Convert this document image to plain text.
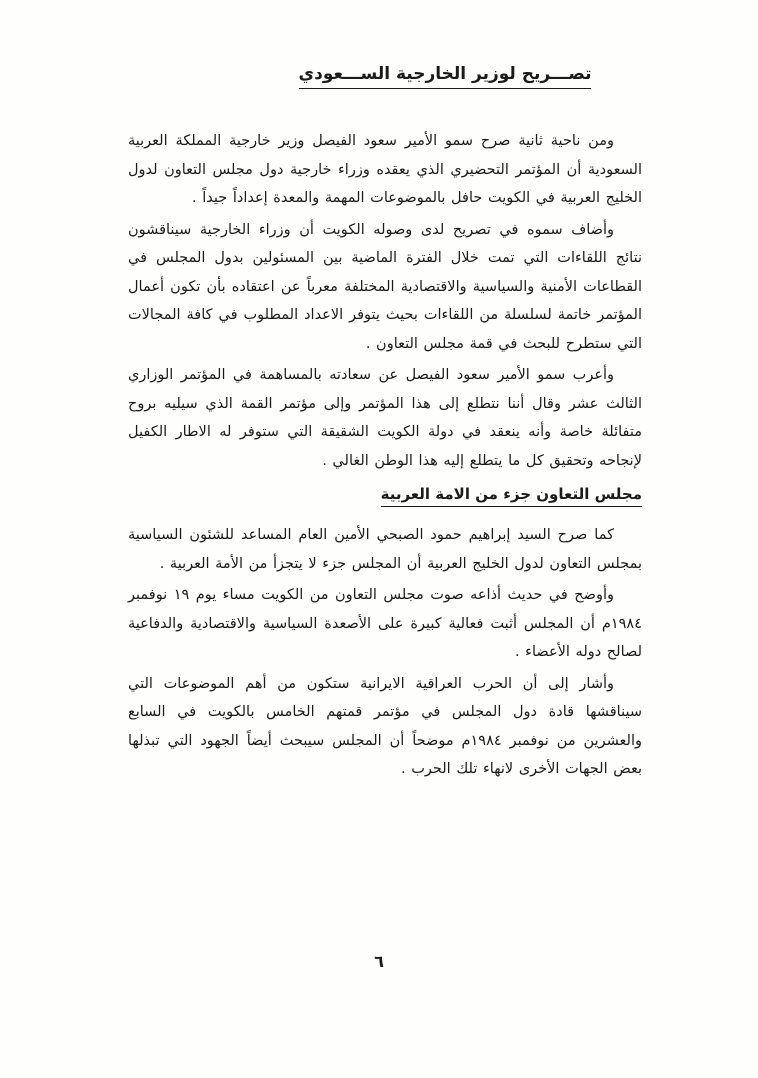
تصـــريح لوزير الخارجية الســـعودي

ومن ناحية ثانية صرح سمو الأمير سعود الفيصل وزير خارجية المملكة العربية السعودية أن المؤتمر التحضيري الذي يعقده وزراء خارجية دول مجلس التعاون لدول الخليج العربية في الكويت حافل بالموضوعات المهمة والمعدة إعداداً جيداً .

وأضاف سموه في تصريح لدى وصوله الكويت أن وزراء الخارجية سيناقشون نتائج اللقاءات التي تمت خلال الفترة الماضية بين المسئولين بدول المجلس في القطاعات الأمنية والسياسية والاقتصادية المختلفة معرباً عن اعتقاده بأن تكون أعمال المؤتمر خاتمة لسلسلة من اللقاءات بحيث يتوفر الاعداد المطلوب في كافة المجالات التي ستطرح للبحث في قمة مجلس التعاون .

وأعرب سمو الأمير سعود الفيصل عن سعادته بالمساهمة في المؤتمر الوزاري الثالث عشر وقال أننا نتطلع إلى هذا المؤتمر وإلى مؤتمر القمة الذي سيليه بروح متفائلة خاصة وأنه ينعقد في دولة الكويت الشقيقة التي ستوفر له الاطار الكفيل لإنجاحه وتحقيق كل ما يتطلع إليه هذا الوطن الغالي .

مجلس التعاون جزء من الامة العربية

كما صرح السيد إبراهيم حمود الصبحي الأمين العام المساعد للشئون السياسية بمجلس التعاون لدول الخليج العربية أن المجلس جزء لا يتجزأ من الأمة العربية .

وأوضح في حديث أذاعه صوت مجلس التعاون من الكويت مساء يوم ١٩ نوفمبر ١٩٨٤م أن المجلس أثبت فعالية كبيرة على الأصعدة السياسية والاقتصادية والدفاعية لصالح دوله الأعضاء .

وأشار إلى أن الحرب العراقية الايرانية ستكون من أهم الموضوعات التي سيناقشها قادة دول المجلس في مؤتمر قمتهم الخامس بالكويت في السابع والعشرين من نوفمبر ١٩٨٤م موضحاً أن المجلس سيبحث أيضاً الجهود التي تبذلها بعض الجهات الأخرى لانهاء تلك الحرب .

٦
